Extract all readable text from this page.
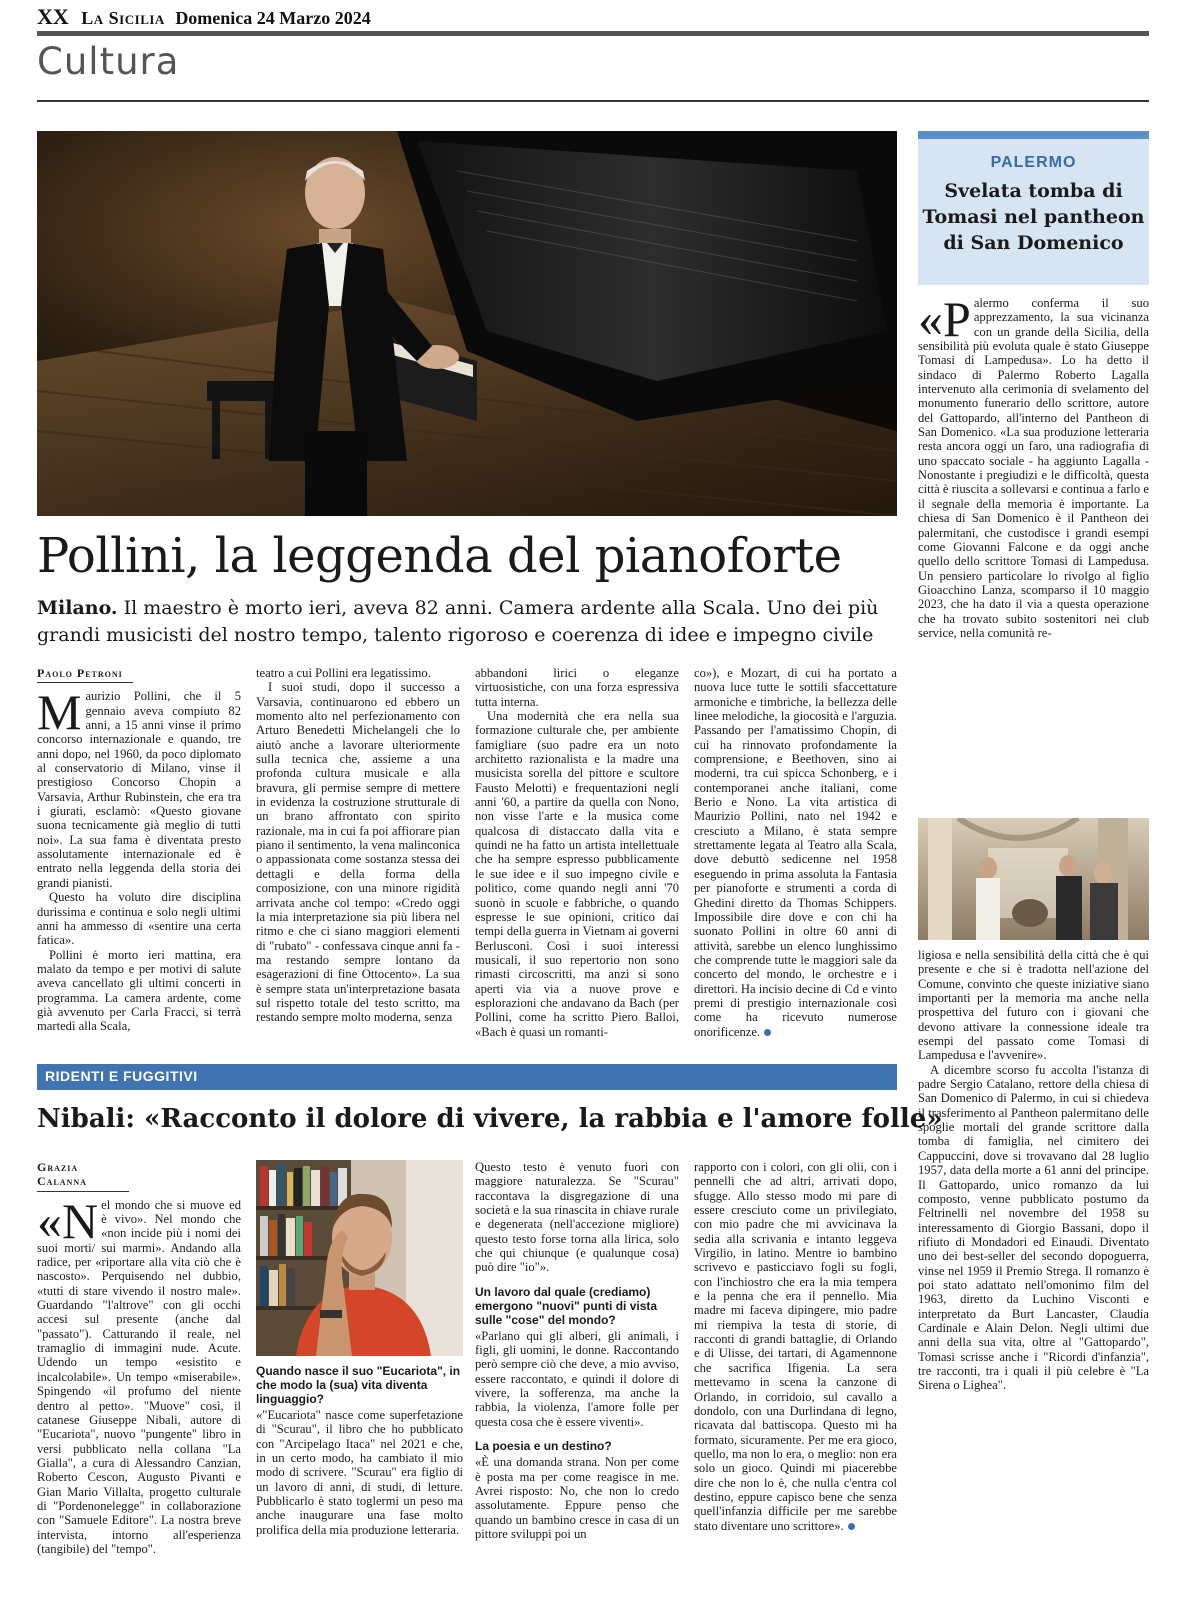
XX La Sicilia Domenica 24 Marzo 2024
Cultura
Pollini, la leggenda del pianoforte
Milano. Il maestro è morto ieri, aveva 82 anni. Camera ardente alla Scala. Uno dei più grandi musicisti del nostro tempo, talento rigoroso e coerenza di idee e impegno civile
Paolo Petroni
M aurizio Pollini, che il 5 gennaio aveva compiuto 82 anni, a 15 anni vinse il primo concorso internazionale e quando, tre anni dopo, nel 1960, da poco diplomato al conservatorio di Milano, vinse il prestigioso Concorso Chopin a Varsavia, Arthur Rubinstein, che era tra i giurati, esclamò: «Questo giovane suona tecnicamente già meglio di tutti noi». La sua fama è diventata presto assolutamente internazionale ed è entrato nella leggenda della storia dei grandi pianisti.

Questo ha voluto dire disciplina durissima e continua e solo negli ultimi anni ha ammesso di «sentire una certa fatica».

Pollini è morto ieri mattina, era malato da tempo e per motivi di salute aveva cancellato gli ultimi concerti in programma. La camera ardente, come già avvenuto per Carla Fracci, si terrà martedì alla Scala,

teatro a cui Pollini era legatissimo.

I suoi studi, dopo il successo a Varsavia, continuarono ed ebbero un momento alto nel perfezionamento con Arturo Benedetti Michelangeli che lo aiutò anche a lavorare ulteriormente sulla tecnica che, assieme a una profonda cultura musicale e alla bravura, gli permise sempre di mettere in evidenza la costruzione strutturale di un brano affrontato con spirito razionale, ma in cui fa poi affiorare pian piano il sentimento, la vena malinconica o appassionata come sostanza stessa dei dettagli e della forma della composizione, con una minore rigidità arrivata anche col tempo: «Credo oggi la mia interpretazione sia più libera nel ritmo e che ci siano maggiori elementi di "rubato" - confessava cinque anni fa - ma restando sempre lontano da esagerazioni di fine Ottocento». La sua è sempre stata un'interpretazione basata sul rispetto totale del testo scritto, ma restando sempre molto moderna, senza

abbandoni lirici o eleganze virtuosistiche, con una forza espressiva tutta interna.

Una modernità che era nella sua formazione culturale che, per ambiente famigliare (suo padre era un noto architetto razionalista e la madre una musicista sorella del pittore e scultore Fausto Melotti) e frequentazioni negli anni '60, a partire da quella con Nono, non visse l'arte e la musica come qualcosa di distaccato dalla vita e quindi ne ha fatto un artista intellettuale che ha sempre espresso pubblicamente le sue idee e il suo impegno civile e politico, come quando negli anni '70 suonò in scuole e fabbriche, o quando espresse le sue opinioni, critico dai tempi della guerra in Vietnam ai governi Berlusconi. Così i suoi interessi musicali, il suo repertorio non sono rimasti circoscritti, ma anzi si sono aperti via via a nuove prove e esplorazioni che andavano da Bach (per Pollini, come ha scritto Piero Balloi, «Bach è quasi un romanti-

co»), e Mozart, di cui ha portato a nuova luce tutte le sottili sfaccettature armoniche e timbriche, la bellezza delle linee melodiche, la giocosità e l'arguzia. Passando per l'amatissimo Chopin, di cui ha rinnovato profondamente la comprensione, e Beethoven, sino ai moderni, tra cui spicca Schonberg, e i contemporanei anche italiani, come Berio e Nono. La vita artistica di Maurizio Pollini, nato nel 1942 e cresciuto a Milano, è stata sempre strettamente legata al Teatro alla Scala, dove debuttò sedicenne nel 1958 eseguendo in prima assoluta la Fantasia per pianoforte e strumenti a corda di Ghedini diretto da Thomas Schippers. Impossibile dire dove e con chi ha suonato Pollini in oltre 60 anni di attività, sarebbe un elenco lunghissimo che comprende tutte le maggiori sale da concerto del mondo, le orchestre e i direttori. Ha incisio decine di Cd e vinto premi di prestigio internazionale così come ha ricevuto numerose onorificenze.

PALERMO
Svelata tomba di Tomasi nel pantheon di San Domenico
«P alermo conferma il suo apprezzamento, la sua vicinanza con un grande della Sicilia, della sensibilità più evoluta quale è stato Giuseppe Tomasi di Lampedusa». Lo ha detto il sindaco di Palermo Roberto Lagalla intervenuto alla cerimonia di svelamento del monumento funerario dello scrittore, autore del Gattopardo, all'interno del Pantheon di San Domenico. «La sua produzione letteraria resta ancora oggi un faro, una radiografia di uno spaccato sociale - ha aggiunto Lagalla - Nonostante i pregiudizi e le difficoltà, questa città è riuscita a sollevarsi e continua a farlo e il segnale della memoria è importante. La chiesa di San Domenico è il Pantheon dei palermitani, che custodisce i grandi esempi come Giovanni Falcone e da oggi anche quello dello scrittore Tomasi di Lampedusa. Un pensiero particolare lo rivolgo al figlio Gioacchino Lanza, scomparso il 10 maggio 2023, che ha dato il via a questa operazione che ha trovato subito sostenitori nei club service, nella comunità re-

ligiosa e nella sensibilità della città che è qui presente e che si è tradotta nell'azione del Comune, convinto che queste iniziative siano importanti per la memoria ma anche nella prospettiva del futuro con i giovani che devono attivare la connessione ideale tra esempi del passato come Tomasi di Lampedusa e l'avvenire».

A dicembre scorso fu accolta l'istanza di padre Sergio Catalano, rettore della chiesa di San Domenico di Palermo, in cui si chiedeva il trasferimento al Pantheon palermitano delle spoglie mortali del grande scrittore dalla tomba di famiglia, nel cimitero dei Cappuccini, dove si trovavano dal 28 luglio 1957, data della morte a 61 anni del principe. Il Gattopardo, unico romanzo da lui composto, venne pubblicato postumo da Feltrinelli nel novembre del 1958 su interessamento di Giorgio Bassani, dopo il rifiuto di Mondadori ed Einaudi. Diventato uno dei best-seller del secondo dopoguerra, vinse nel 1959 il Premio Strega. Il romanzo è poi stato adattato nell'omonimo film del 1963, diretto da Luchino Visconti e interpretato da Burt Lancaster, Claudia Cardinale e Alain Delon. Negli ultimi due anni della sua vita, oltre al "Gattopardo", Tomasi scrisse anche i "Ricordi d'infanzia", tre racconti, tra i quali il più celebre è "La Sirena o Lighea".

RIDENTI E FUGGITIVI
Nibali: «Racconto il dolore di vivere, la rabbia e l'amore folle»
Grazia Calanna
«N el mondo che si muove ed è vivo». Nel mondo che «non incide più i nomi dei suoi morti/ sui marmi». Andando alla radice, per «riportare alla vita ciò che è nascosto». Perquisendo nel dubbio, «tutti di stare vivendo il nostro male». Guardando "l'altrove" con gli occhi accesi sul presente (anche dal "passato"). Catturando il reale, nel tramaglio di immagini nude. Acute. Udendo un tempo «esistito e incalcolabile». Un tempo «miserabile». Spingendo «il profumo del niente dentro al petto». "Muove" così, il catanese Giuseppe Nibali, autore di "Eucariota", nuovo "pungente" libro in versi pubblicato nella collana "La Gialla", a cura di Alessandro Canzian, Roberto Cescon, Augusto Pivanti e Gian Mario Villalta, progetto culturale di "Pordenonelegge" in collaborazione con "Samuele Editore". La nostra breve intervista, intorno all'esperienza (tangibile) del "tempo".

Quando nasce il suo "Eucariota", in che modo la (sua) vita diventa linguaggio?

«"Eucariota" nasce come superfetazione di "Scurau", il libro che ho pubblicato con "Arcipelago Itaca" nel 2021 e che, in un certo modo, ha cambiato il mio modo di scrivere. "Scurau" era figlio di un lavoro di anni, di studi, di letture. Pubblicarlo è stato toglermi un peso ma anche inaugurare una fase molto prolifica della mia produzione letteraria.

Questo testo è venuto fuori con maggiore naturalezza. Se "Scurau" raccontava la disgregazione di una società e la sua rinascita in chiave rurale e degenerata (nell'accezione migliore) questo testo forse torna alla lirica, solo che qui chiunque (e qualunque cosa) può dire "io"».

Un lavoro dal quale (crediamo) emergono "nuovi" punti di vista sulle "cose" del mondo?

«Parlano qui gli alberi, gli animali, i figli, gli uomini, le donne. Raccontando però sempre ciò che deve, a mio avviso, essere raccontato, e quindi il dolore di vivere, la sofferenza, ma anche la rabbia, la violenza, l'amore folle per questa cosa che è essere viventi».

La poesia e un destino?

«È una domanda strana. Non per come è posta ma per come reagisce in me. Avrei risposto: No, che non lo credo assolutamente. Eppure penso che quando un bambino cresce in casa di un pittore sviluppi poi un

rapporto con i colori, con gli olii, con i pennelli che ad altri, arrivati dopo, sfugge. Allo stesso modo mi pare di essere cresciuto come un privilegiato, con mio padre che mi avvicinava la sedia alla scrivania e intanto leggeva Virgilio, in latino. Mentre io bambino scrivevo e pasticciavo fogli su fogli, con l'inchiostro che era la mia tempera e la penna che era il pennello. Mia madre mi faceva dipingere, mio padre mi riempiva la testa di storie, di racconti di grandi battaglie, di Orlando e di Ulisse, dei tartari, di Agamennone che sacrifica Ifigenia. La sera mettevamo in scena la canzone di Orlando, in corridoio, sul cavallo a dondolo, con una Durlindana di legno, ricavata dal battiscopa. Questo mi ha formato, sicuramente. Per me era gioco, quello, ma non lo era, o meglio: non era solo un gioco. Quindi mi piacerebbe dire che non lo è, che nulla c'entra col destino, eppure capisco bene che senza quell'infanzia difficile per me sarebbe stato diventare uno scrittore».
